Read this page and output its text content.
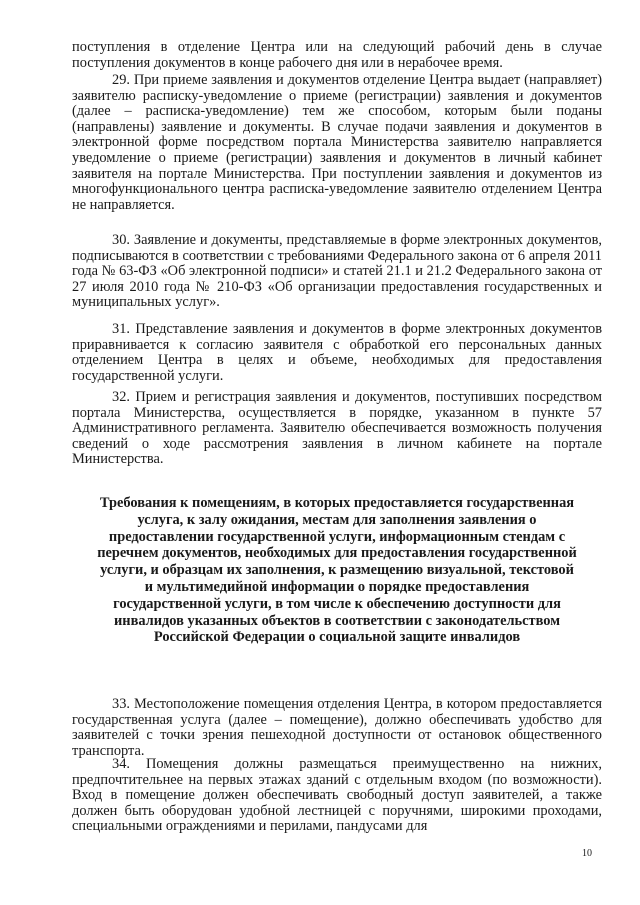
поступления в отделение Центра или на следующий рабочий день в случае поступления документов в конце рабочего дня или в нерабочее время.

29. При приеме заявления и документов отделение Центра выдает (направляет) заявителю расписку-уведомление о приеме (регистрации) заявления и документов (далее – расписка-уведомление) тем же способом, которым были поданы (направлены) заявление и документы. В случае подачи заявления и документов в электронной форме посредством портала Министерства заявителю направляется уведомление о приеме (регистрации) заявления и документов в личный кабинет заявителя на портале Министерства. При поступлении заявления и документов из многофункционального центра расписка-уведомление заявителю отделением Центра не направляется.

30. Заявление и документы, представляемые в форме электронных документов, подписываются в соответствии с требованиями Федерального закона от 6 апреля 2011 года № 63-ФЗ «Об электронной подписи» и статей 21.1 и 21.2 Федерального закона от 27 июля 2010 года № 210-ФЗ «Об организации предоставления государственных и муниципальных услуг».

31. Представление заявления и документов в форме электронных документов приравнивается к согласию заявителя с обработкой его персональных данных отделением Центра в целях и объеме, необходимых для предоставления государственной услуги.

32. Прием и регистрация заявления и документов, поступивших посредством портала Министерства, осуществляется в порядке, указанном в пункте 57 Административного регламента. Заявителю обеспечивается возможность получения сведений о ходе рассмотрения заявления в личном кабинете на портале Министерства.

Требования к помещениям, в которых предоставляется государственная услуга, к залу ожидания, местам для заполнения заявления о предоставлении государственной услуги, информационным стендам с перечнем документов, необходимых для предоставления государственной услуги, и образцам их заполнения, к размещению визуальной, текстовой и мультимедийной информации о порядке предоставления государственной услуги, в том числе к обеспечению доступности для инвалидов указанных объектов в соответствии с законодательством Российской Федерации о социальной защите инвалидов

33. Местоположение помещения отделения Центра, в котором предоставляется государственная услуга (далее – помещение), должно обеспечивать удобство для заявителей с точки зрения пешеходной доступности от остановок общественного транспорта.

34. Помещения должны размещаться преимущественно на нижних, предпочтительнее на первых этажах зданий с отдельным входом (по возможности). Вход в помещение должен обеспечивать свободный доступ заявителей, а также должен быть оборудован удобной лестницей с поручнями, широкими проходами, специальными ограждениями и перилами, пандусами для

10
